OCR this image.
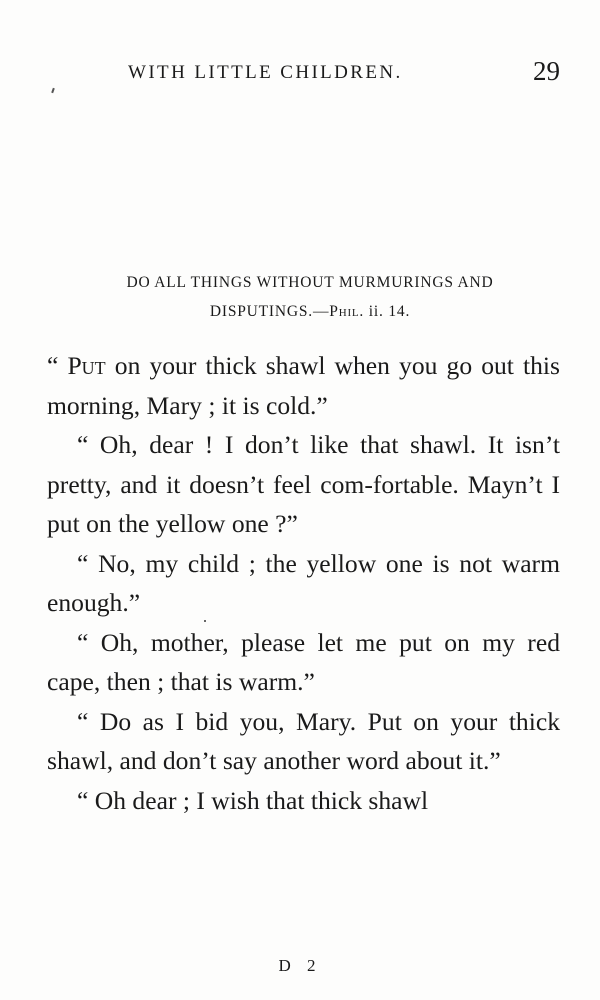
WITH LITTLE CHILDREN.	29
DO ALL THINGS WITHOUT MURMURINGS AND
DISPUTINGS.—Phil. ii. 14.

“ Put on your thick shawl when you go out this morning, Mary ; it is cold.”

“ Oh, dear ! I don’t like that shawl. It isn’t pretty, and it doesn’t feel com-fortable. Mayn’t I put on the yellow one ?”

“ No, my child ; the yellow one is not warm enough.”

“ Oh, mother, please let me put on my red cape, then ; that is warm.”

“ Do as I bid you, Mary. Put on your thick shawl, and don’t say another word about it.”

“ Oh dear ; I wish that thick shawl

D 2
